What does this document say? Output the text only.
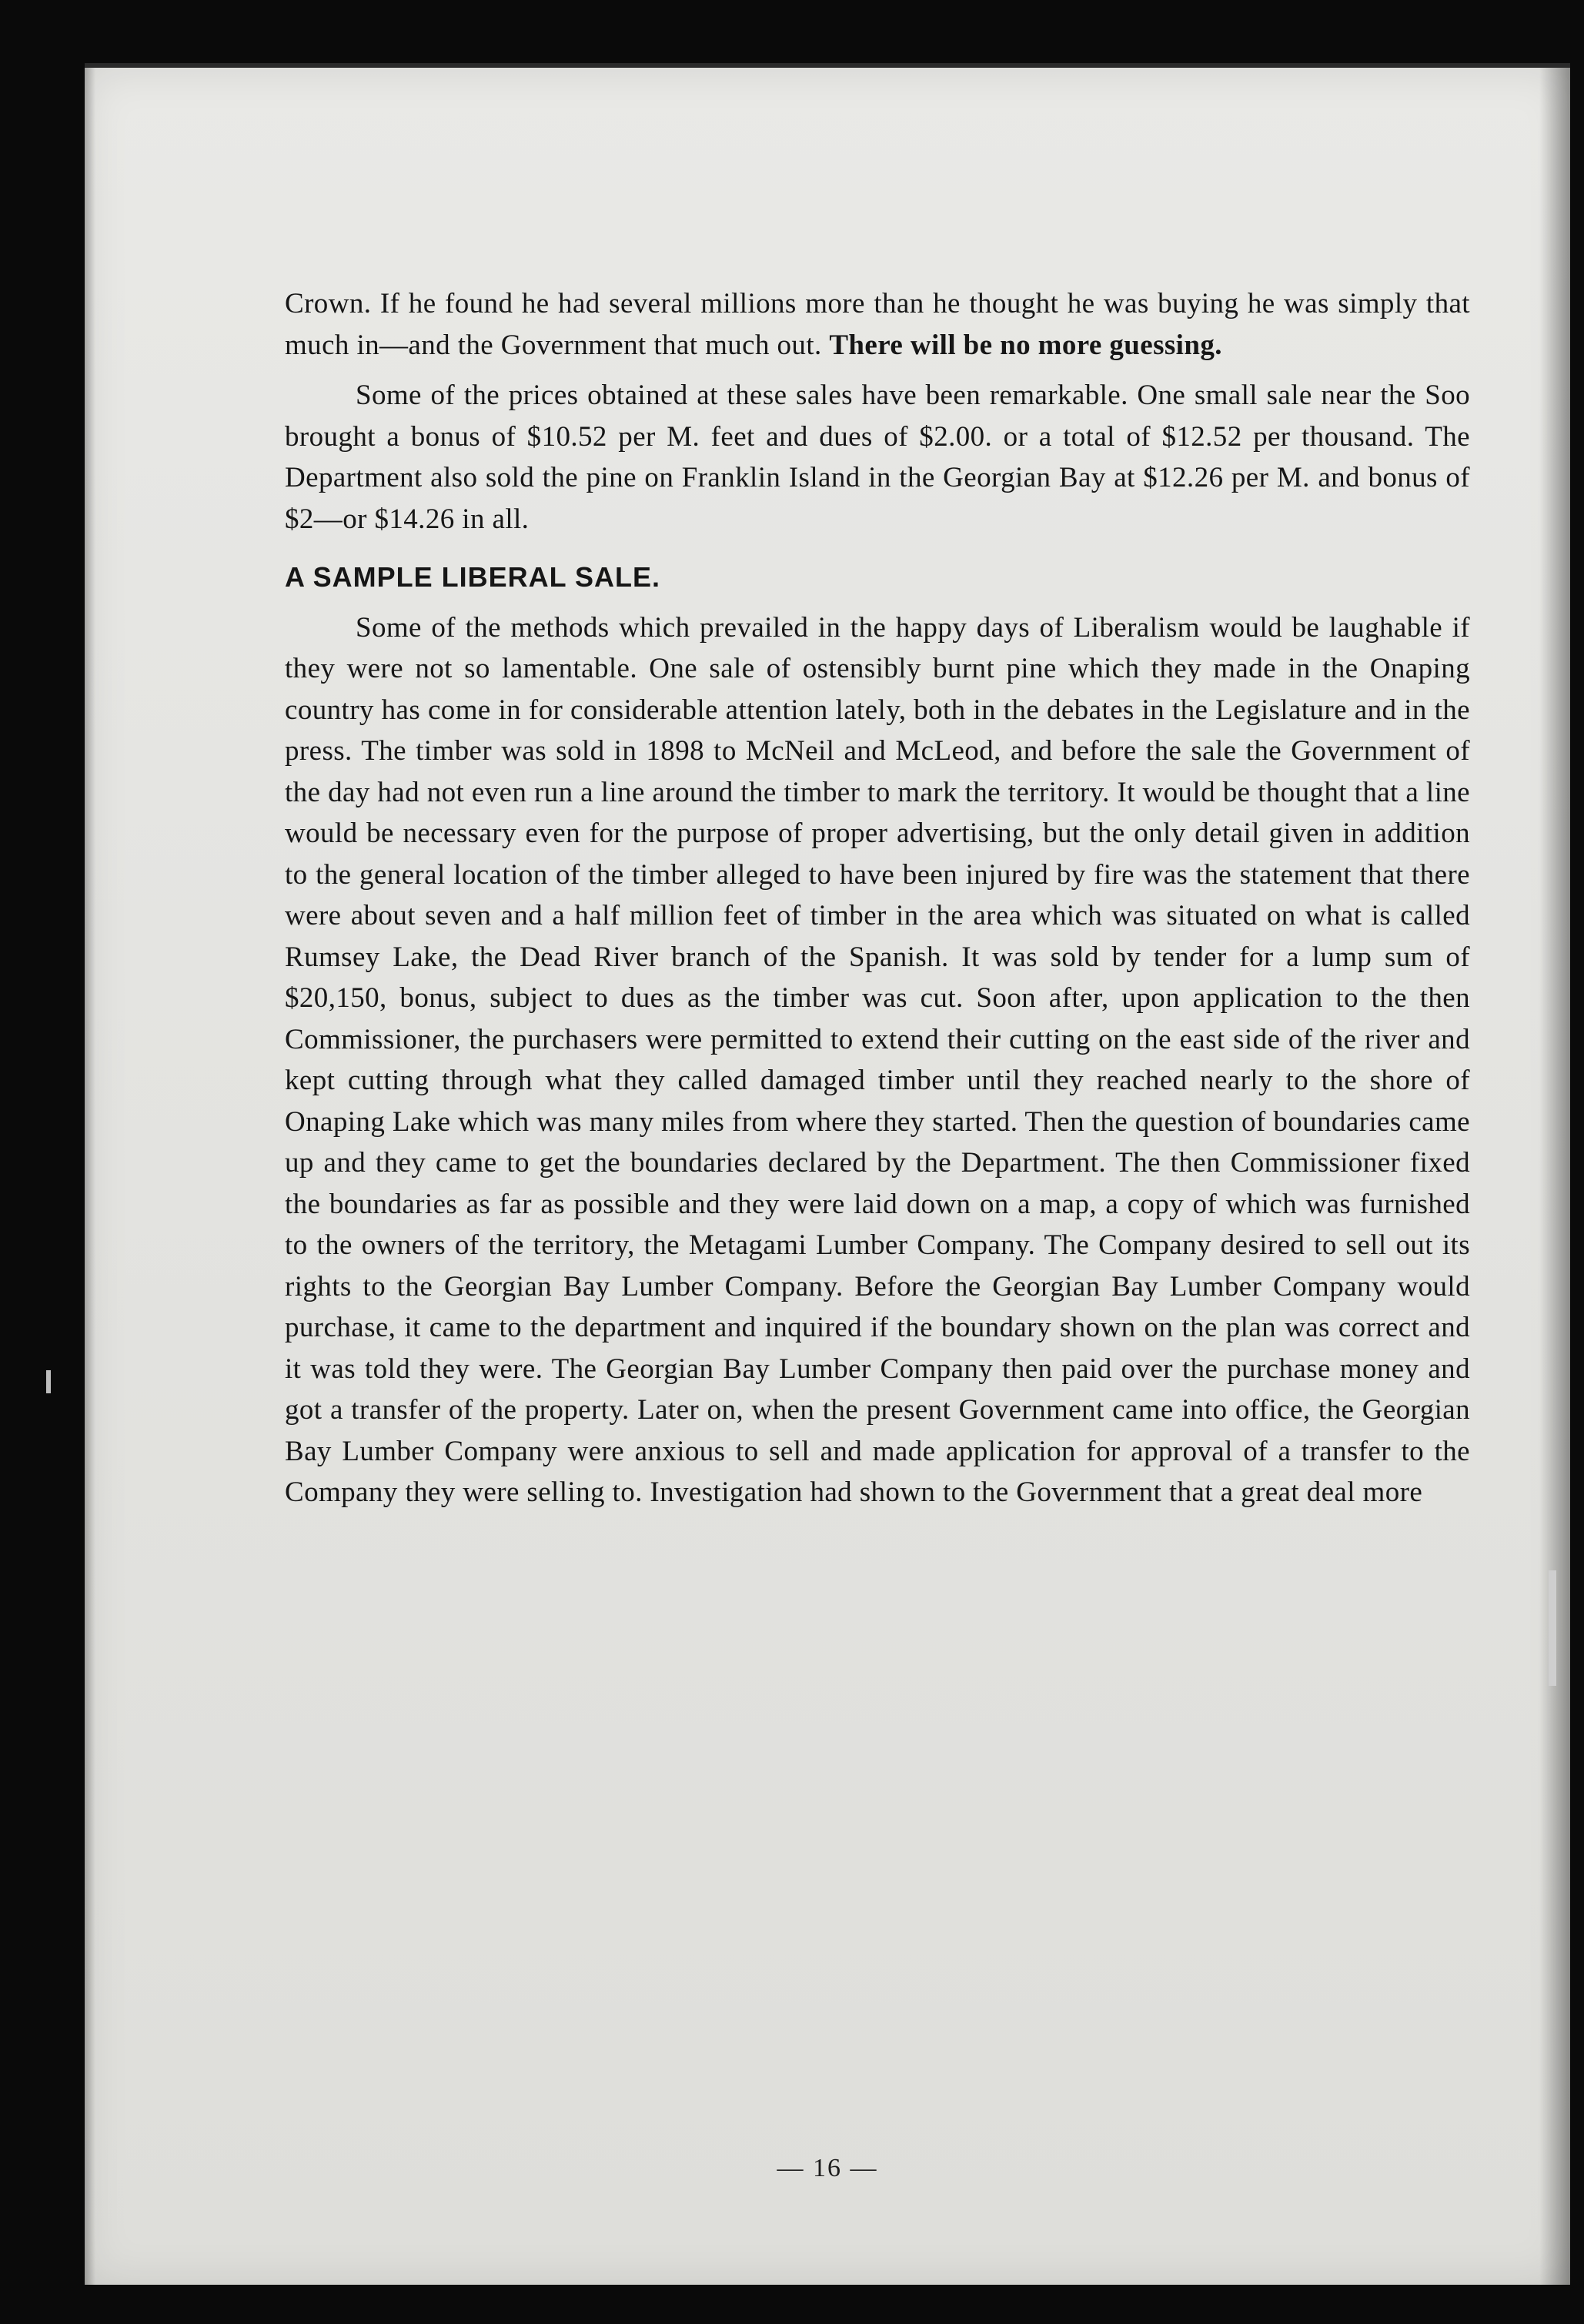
Crown. If he found he had several millions more than he thought he was buying he was simply that much in—and the Government that much out. There will be no more guessing.

Some of the prices obtained at these sales have been remarkable. One small sale near the Soo brought a bonus of $10.52 per M. feet and dues of $2.00. or a total of $12.52 per thousand. The Department also sold the pine on Franklin Island in the Georgian Bay at $12.26 per M. and bonus of $2—or $14.26 in all.

A SAMPLE LIBERAL SALE.

Some of the methods which prevailed in the happy days of Liberalism would be laughable if they were not so lamentable. One sale of ostensibly burnt pine which they made in the Onaping country has come in for considerable attention lately, both in the debates in the Legislature and in the press. The timber was sold in 1898 to McNeil and McLeod, and before the sale the Government of the day had not even run a line around the timber to mark the territory. It would be thought that a line would be necessary even for the purpose of proper advertising, but the only detail given in addition to the general location of the timber alleged to have been injured by fire was the statement that there were about seven and a half million feet of timber in the area which was situated on what is called Rumsey Lake, the Dead River branch of the Spanish. It was sold by tender for a lump sum of $20,150, bonus, subject to dues as the timber was cut. Soon after, upon application to the then Commissioner, the purchasers were permitted to extend their cutting on the east side of the river and kept cutting through what they called damaged timber until they reached nearly to the shore of Onaping Lake which was many miles from where they started. Then the question of boundaries came up and they came to get the boundaries declared by the Department. The then Commissioner fixed the boundaries as far as possible and they were laid down on a map, a copy of which was furnished to the owners of the territory, the Metagami Lumber Company. The Company desired to sell out its rights to the Georgian Bay Lumber Company. Before the Georgian Bay Lumber Company would purchase, it came to the department and inquired if the boundary shown on the plan was correct and it was told they were. The Georgian Bay Lumber Company then paid over the purchase money and got a transfer of the property. Later on, when the present Government came into office, the Georgian Bay Lumber Company were anxious to sell and made application for approval of a transfer to the Company they were selling to. Investigation had shown to the Government that a great deal more

— 16 —
